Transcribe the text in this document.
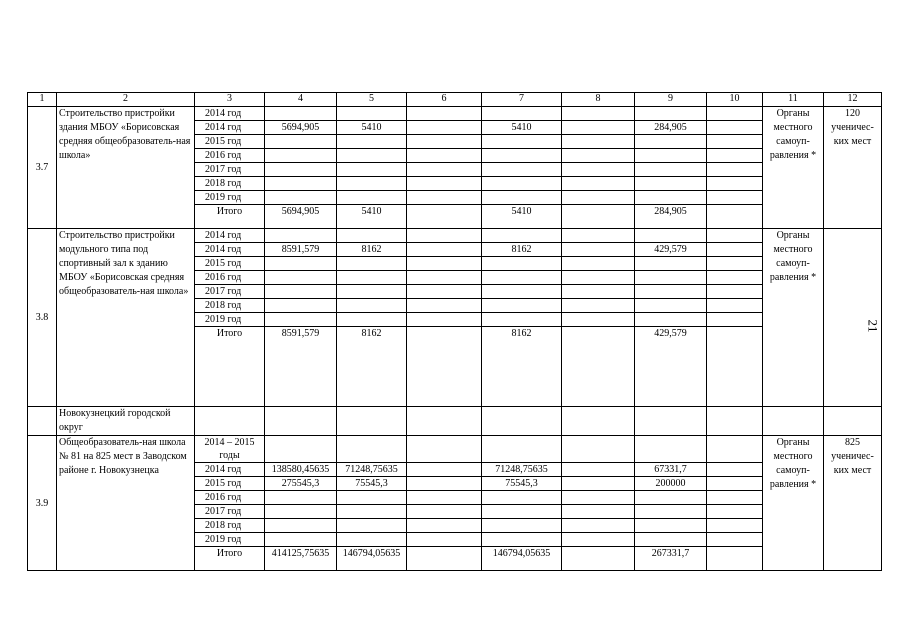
1	2	3	4	5	6	7	8	9	10	11	12
3.7	Строительство пристройки здания МБОУ «Борисовская средняя общеобразователь-ная школа»	2014 год								Органы местного самоуп-равления *	120 ученичес-ких мест
		2014 год	5694,905	5410		5410		284,905			
		2015 год									
		2016 год									
		2017 год									
		2018 год									
		2019 год									
		Итого	5694,905	5410		5410		284,905			
3.8	Строительство пристройки модульного типа под спортивный зал к зданию МБОУ «Борисовская средняя общеобразователь-ная школа»	2014 год								Органы местного самоуп-равления *	
		2014 год	8591,579	8162		8162		429,579			
		2015 год									
		2016 год									
		2017 год									
		2018 год									
		2019 год									
		Итого	8591,579	8162		8162		429,579			
	Новокузнецкий городской округ										
3.9	Общеобразователь-ная школа № 81 на 825 мест в Заводском районе г. Новокузнецка	2014 – 2015 годы								Органы местного самоуп-равления *	825 ученичес-ких мест
		2014 год	138580,45635	71248,75635		71248,75635		67331,7			
		2015 год	275545,3	75545,3		75545,3		200000			
		2016 год									
		2017 год									
		2018 год									
		2019 год									
		Итого	414125,75635	146794,05635		146794,05635		267331,7			
21
